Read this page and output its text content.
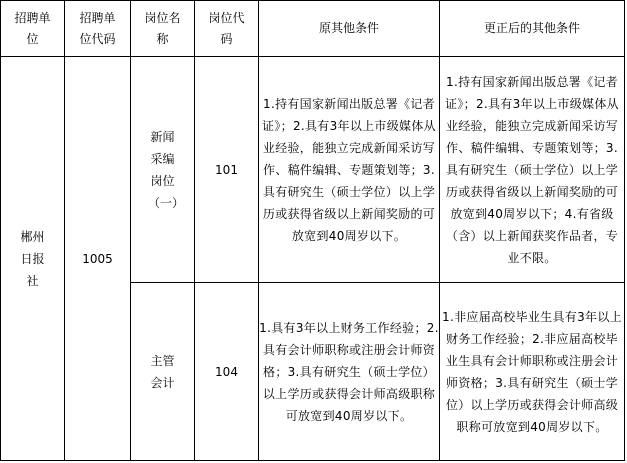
招聘单位	招聘单位代码	岗位名称	岗位代码	原其他条件	更正后的其他条件

郴州日报社	1005	新闻采编岗位（一）	101	1.持有国家新闻出版总署《记者证》；2.具有3年以上市级媒体从业经验，能独立完成新闻采访写作、稿件编辑、专题策划等；3.具有研究生（硕士学位）以上学历或获得省级以上新闻奖励的可放宽到40周岁以下。	1.持有国家新闻出版总署《记者证》；2.具有3年以上市级媒体从业经验，能独立完成新闻采访写作、稿件编辑、专题策划等；3.具有研究生（硕士学位）以上学历或获得省级以上新闻奖励的可放宽到40周岁以下；4.有省级（含）以上新闻获奖作品者，专业不限。

		主管会计	104	1.具有3年以上财务工作经验；2.具有会计师职称或注册会计师资格；3.具有研究生（硕士学位）以上学历或获得会计师高级职称可放宽到40周岁以下。	1.非应届高校毕业生具有3年以上财务工作经验；2.非应届高校毕业生具有会计师职称或注册会计师资格；3.具有研究生（硕士学位）以上学历或获得会计师高级职称可放宽到40周岁以下。
